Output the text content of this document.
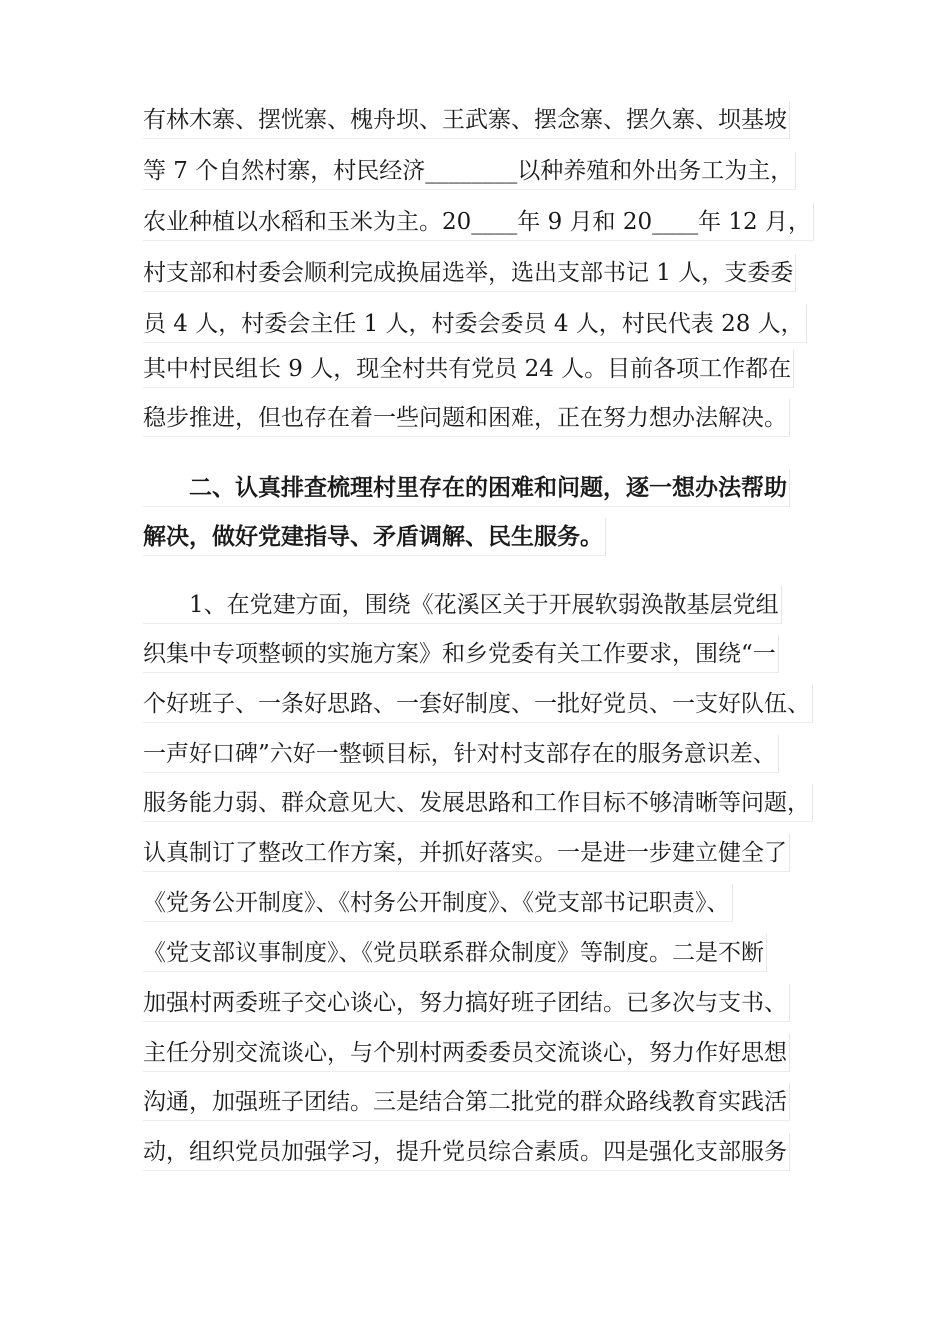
有林木寨、摆恍寨、槐舟坝、王武寨、摆念寨、摆久寨、坝基坡
等 7 个自然村寨，村民经济________以种养殖和外出务工为主，
农业种植以水稻和玉米为主。20____年 9 月和 20____年 12 月，
村支部和村委会顺利完成换届选举，选出支部书记 1 人，支委委
员 4 人，村委会主任 1 人，村委会委员 4 人，村民代表 28 人，
其中村民组长 9 人，现全村共有党员 24 人。目前各项工作都在
稳步推进，但也存在着一些问题和困难，正在努力想办法解决。
二、认真排查梳理村里存在的困难和问题，逐一想办法帮助
解决，做好党建指导、矛盾调解、民生服务。
1、在党建方面，围绕《花溪区关于开展软弱涣散基层党组
织集中专项整顿的实施方案》和乡党委有关工作要求，围绕“一
个好班子、一条好思路、一套好制度、一批好党员、一支好队伍、
一声好口碑”六好一整顿目标，针对村支部存在的服务意识差、
服务能力弱、群众意见大、发展思路和工作目标不够清晰等问题，
认真制订了整改工作方案，并抓好落实。一是进一步建立健全了
《党务公开制度》、《村务公开制度》、《党支部书记职责》、
《党支部议事制度》、《党员联系群众制度》等制度。二是不断
加强村两委班子交心谈心，努力搞好班子团结。已多次与支书、
主任分别交流谈心，与个别村两委委员交流谈心，努力作好思想
沟通，加强班子团结。三是结合第二批党的群众路线教育实践活
动，组织党员加强学习，提升党员综合素质。四是强化支部服务
